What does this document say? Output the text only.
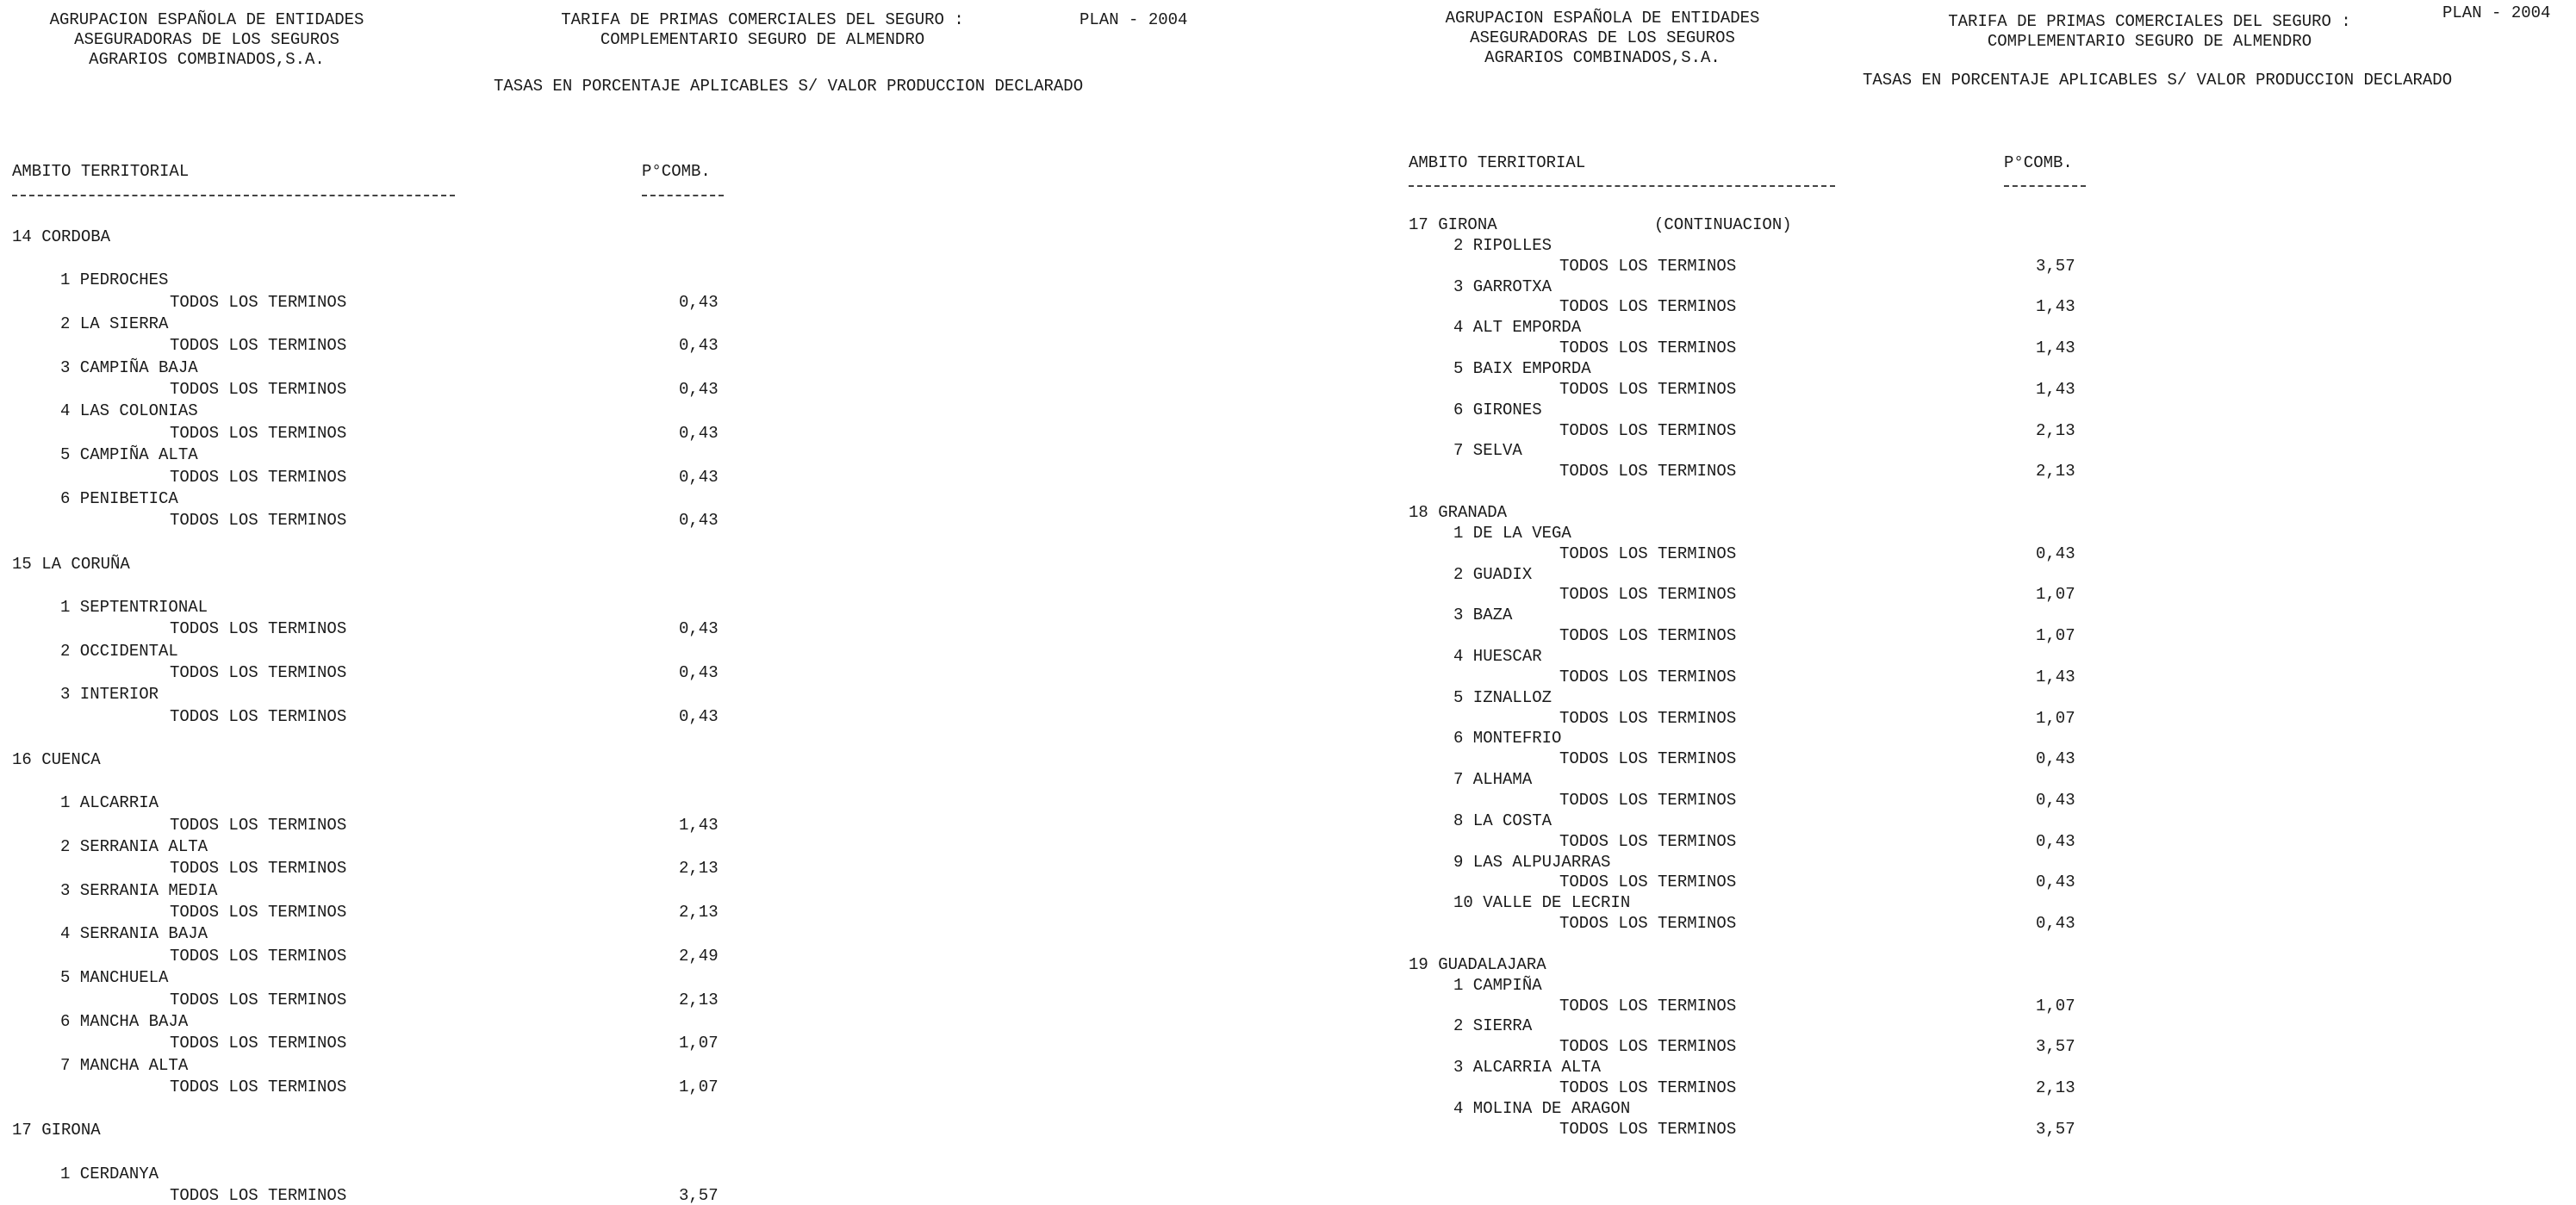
AGRUPACION ESPAÑOLA DE ENTIDADES
ASEGURADORAS DE LOS SEGUROS
AGRARIOS COMBINADOS,S.A.
TARIFA DE PRIMAS COMERCIALES DEL SEGURO :
COMPLEMENTARIO SEGURO DE ALMENDRO
PLAN - 2004
TASAS EN PORCENTAJE APLICABLES S/ VALOR PRODUCCION DECLARADO
AMBITO TERRITORIAL	P°COMB.
14 CORDOBA
1 PEDROCHES
TODOS LOS TERMINOS	0,43
2 LA SIERRA
TODOS LOS TERMINOS	0,43
3 CAMPIÑA BAJA
TODOS LOS TERMINOS	0,43
4 LAS COLONIAS
TODOS LOS TERMINOS	0,43
5 CAMPIÑA ALTA
TODOS LOS TERMINOS	0,43
6 PENIBETICA
TODOS LOS TERMINOS	0,43
15 LA CORUÑA
1 SEPTENTRIONAL
TODOS LOS TERMINOS	0,43
2 OCCIDENTAL
TODOS LOS TERMINOS	0,43
3 INTERIOR
TODOS LOS TERMINOS	0,43
16 CUENCA
1 ALCARRIA
TODOS LOS TERMINOS	1,43
2 SERRANIA ALTA
TODOS LOS TERMINOS	2,13
3 SERRANIA MEDIA
TODOS LOS TERMINOS	2,13
4 SERRANIA BAJA
TODOS LOS TERMINOS	2,49
5 MANCHUELA
TODOS LOS TERMINOS	2,13
6 MANCHA BAJA
TODOS LOS TERMINOS	1,07
7 MANCHA ALTA
TODOS LOS TERMINOS	1,07
17 GIRONA
1 CERDANYA
TODOS LOS TERMINOS	3,57
AGRUPACION ESPAÑOLA DE ENTIDADES
ASEGURADORAS DE LOS SEGUROS
AGRARIOS COMBINADOS,S.A.
TARIFA DE PRIMAS COMERCIALES DEL SEGURO :
COMPLEMENTARIO SEGURO DE ALMENDRO
PLAN - 2004
TASAS EN PORCENTAJE APLICABLES S/ VALOR PRODUCCION DECLARADO
AMBITO TERRITORIAL	P°COMB.
17 GIRONA	(CONTINUACION)
2 RIPOLLES
TODOS LOS TERMINOS	3,57
3 GARROTXA
TODOS LOS TERMINOS	1,43
4 ALT EMPORDA
TODOS LOS TERMINOS	1,43
5 BAIX EMPORDA
TODOS LOS TERMINOS	1,43
6 GIRONES
TODOS LOS TERMINOS	2,13
7 SELVA
TODOS LOS TERMINOS	2,13
18 GRANADA
1 DE LA VEGA
TODOS LOS TERMINOS	0,43
2 GUADIX
TODOS LOS TERMINOS	1,07
3 BAZA
TODOS LOS TERMINOS	1,07
4 HUESCAR
TODOS LOS TERMINOS	1,43
5 IZNALLOZ
TODOS LOS TERMINOS	1,07
6 MONTEFRIO
TODOS LOS TERMINOS	0,43
7 ALHAMA
TODOS LOS TERMINOS	0,43
8 LA COSTA
TODOS LOS TERMINOS	0,43
9 LAS ALPUJARRAS
TODOS LOS TERMINOS	0,43
10 VALLE DE LECRIN
TODOS LOS TERMINOS	0,43
19 GUADALAJARA
1 CAMPIÑA
TODOS LOS TERMINOS	1,07
2 SIERRA
TODOS LOS TERMINOS	3,57
3 ALCARRIA ALTA
TODOS LOS TERMINOS	2,13
4 MOLINA DE ARAGON
TODOS LOS TERMINOS	3,57
